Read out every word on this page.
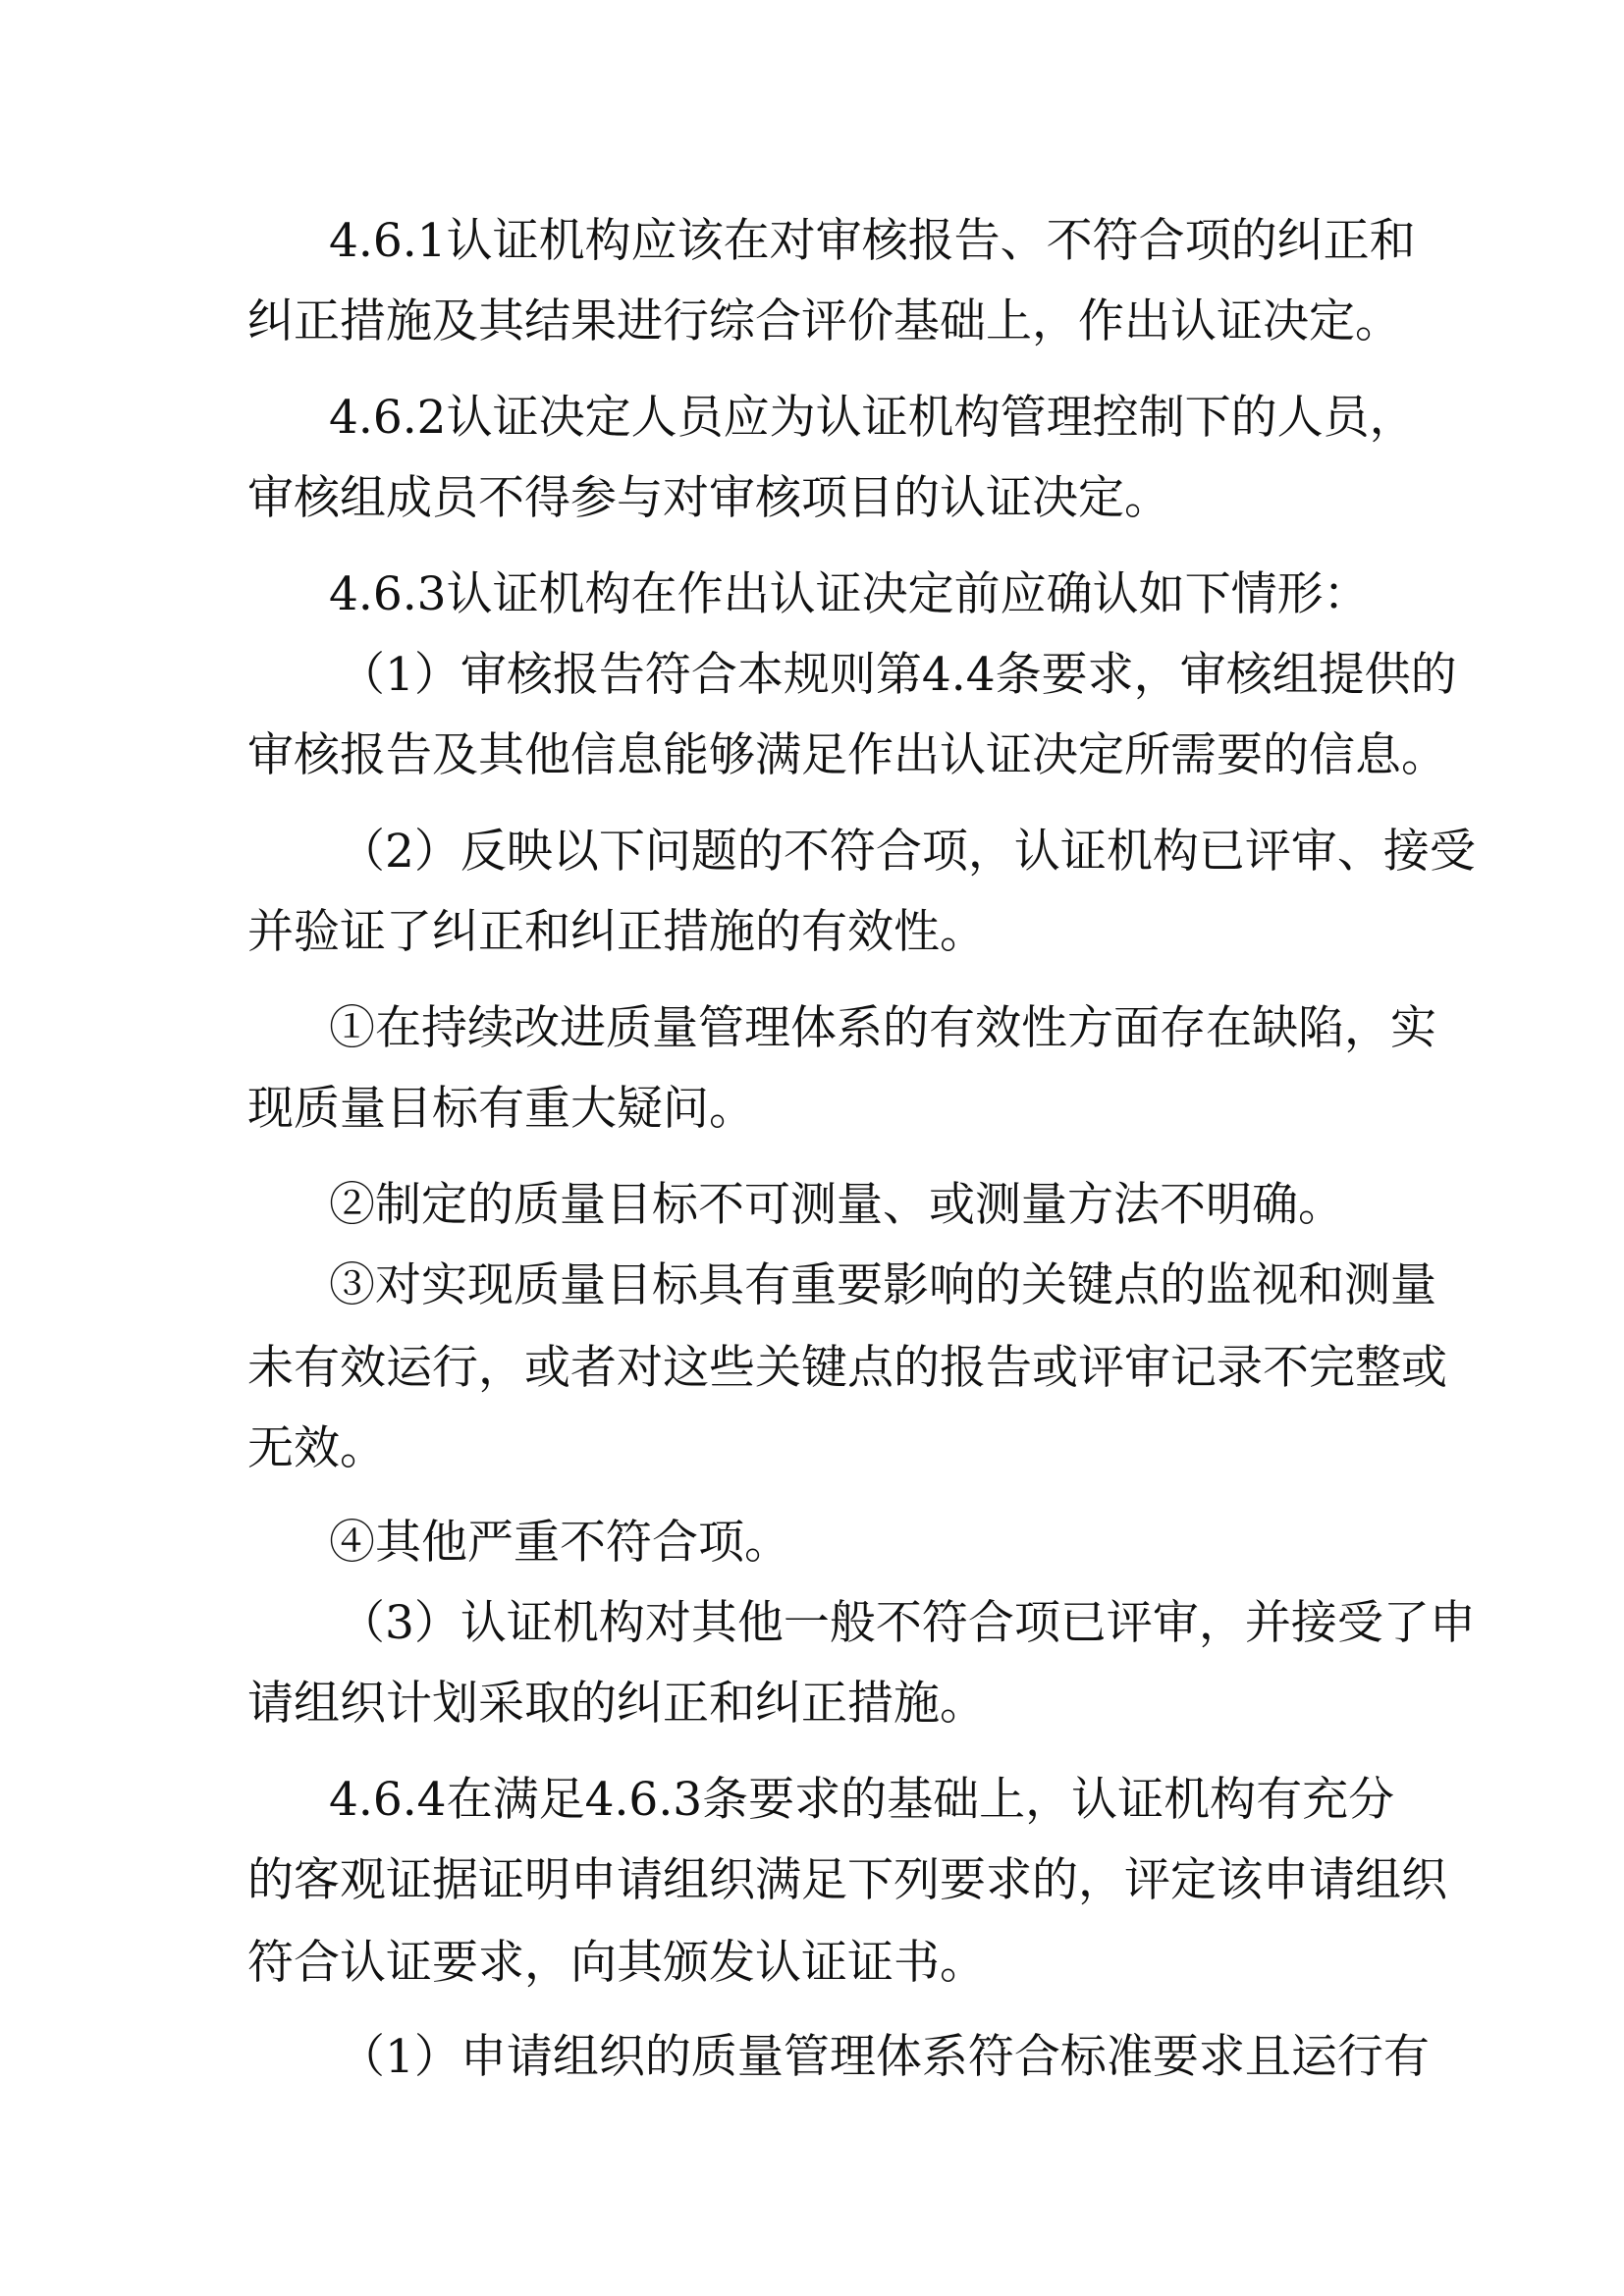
4.6.1认证机构应该在对审核报告、不符合项的纠正和
纠正措施及其结果进行综合评价基础上，作出认证决定。
4.6.2认证决定人员应为认证机构管理控制下的人员，
审核组成员不得参与对审核项目的认证决定。
4.6.3认证机构在作出认证决定前应确认如下情形：
（1）审核报告符合本规则第4.4条要求，审核组提供的
审核报告及其他信息能够满足作出认证决定所需要的信息。
（2）反映以下问题的不符合项，认证机构已评审、接受
并验证了纠正和纠正措施的有效性。
①在持续改进质量管理体系的有效性方面存在缺陷，实
现质量目标有重大疑问。
②制定的质量目标不可测量、或测量方法不明确。
③对实现质量目标具有重要影响的关键点的监视和测量
未有效运行，或者对这些关键点的报告或评审记录不完整或
无效。
④其他严重不符合项。
（3）认证机构对其他一般不符合项已评审，并接受了申
请组织计划采取的纠正和纠正措施。
4.6.4在满足4.6.3条要求的基础上，认证机构有充分
的客观证据证明申请组织满足下列要求的，评定该申请组织
符合认证要求，向其颁发认证证书。
（1）申请组织的质量管理体系符合标准要求且运行有
